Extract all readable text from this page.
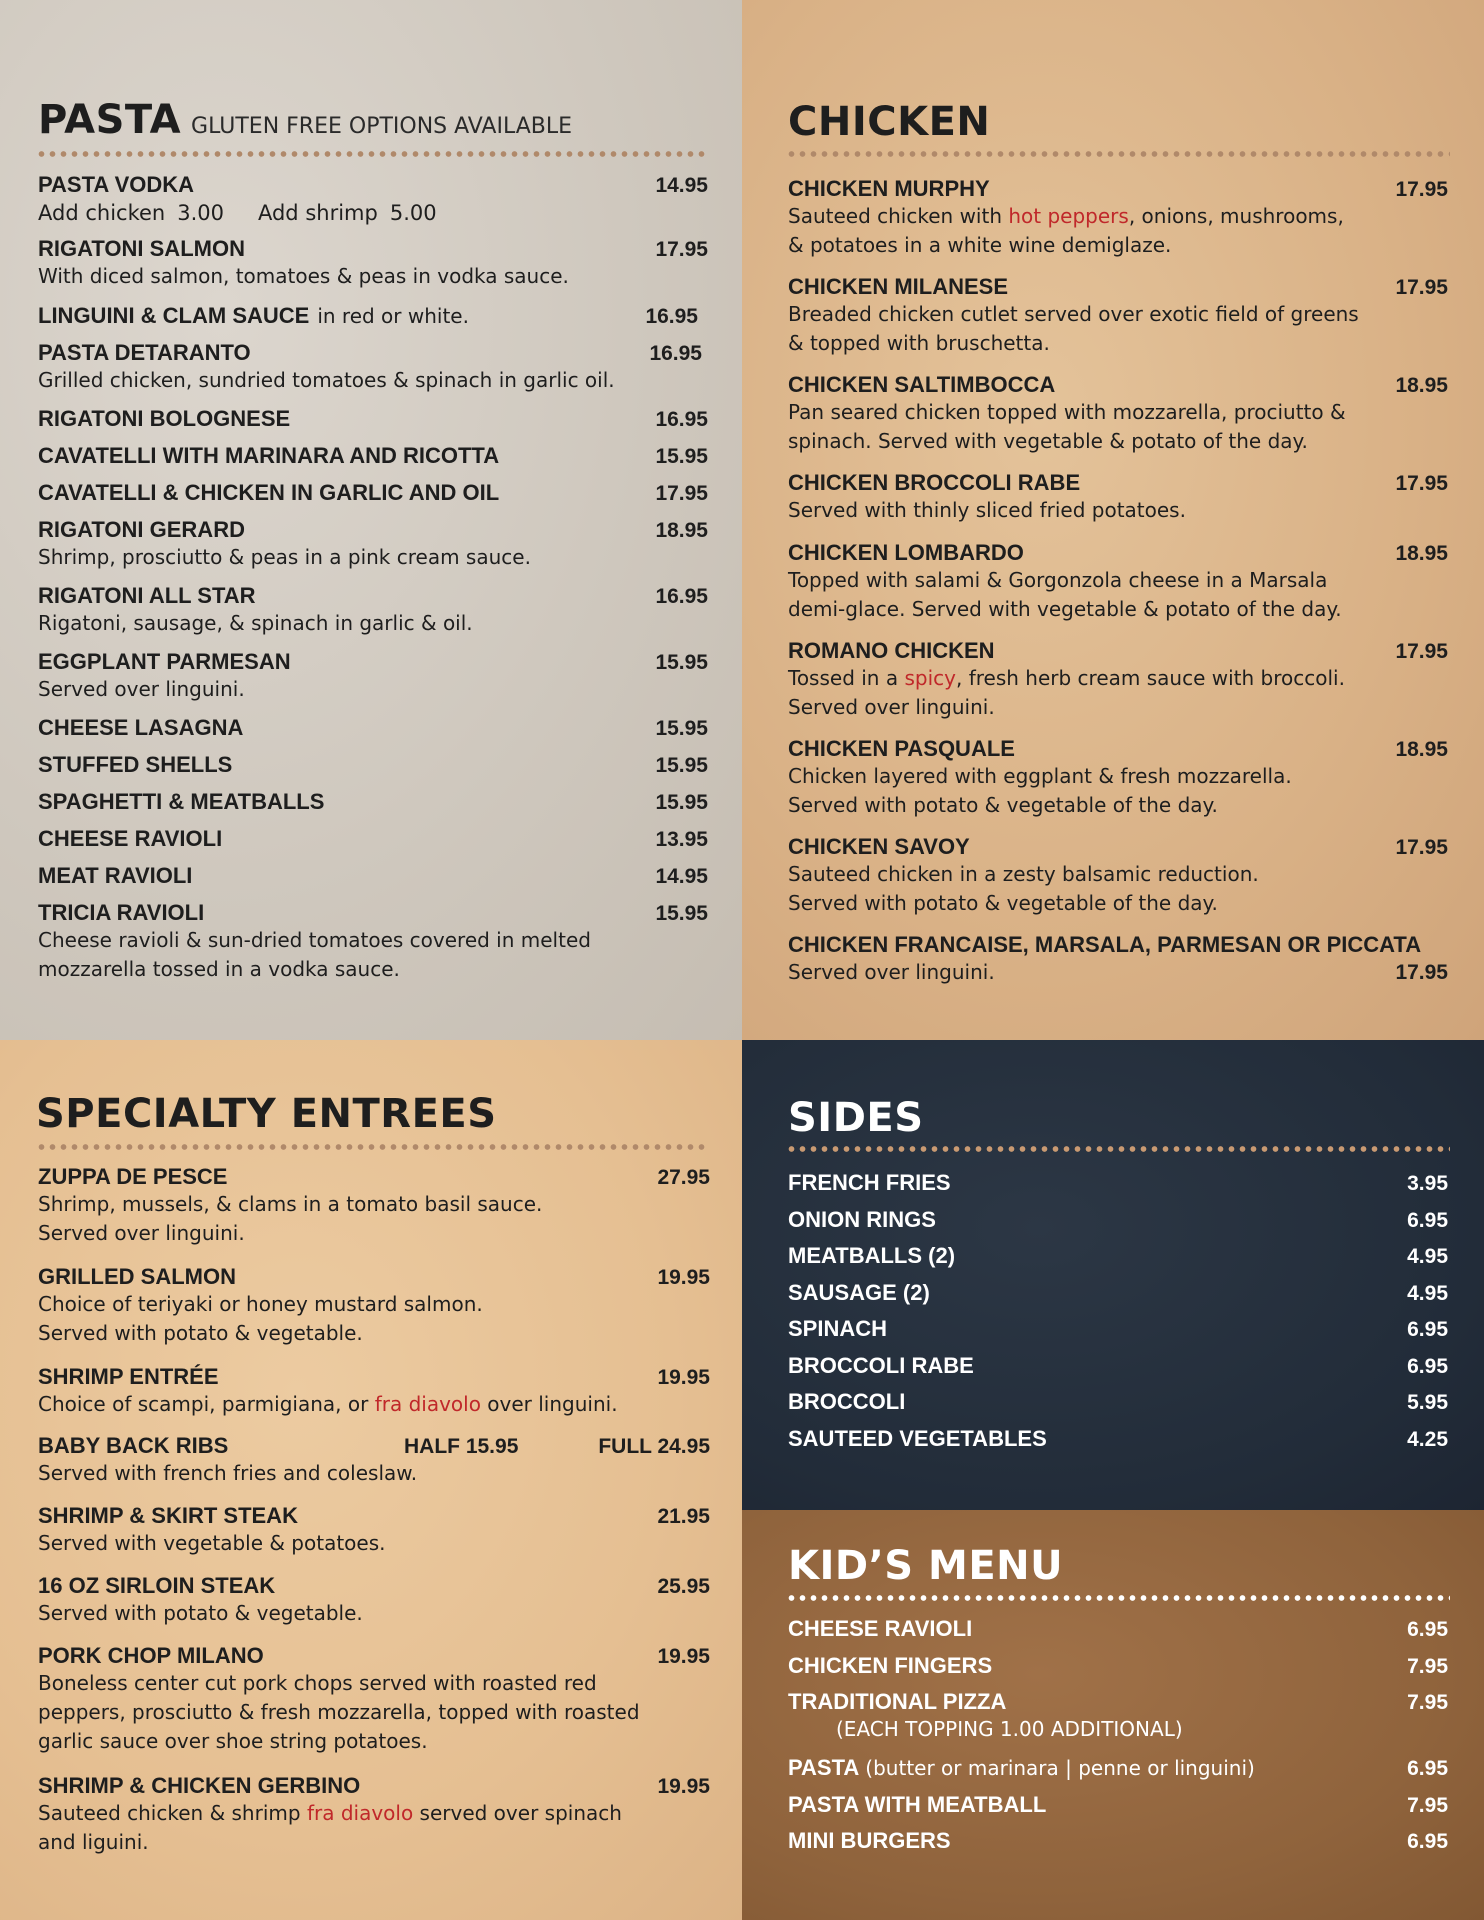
PASTA GLUTEN FREE OPTIONS AVAILABLE
PASTA VODKA	14.95
Add chicken 3.00 Add shrimp 5.00
RIGATONI SALMON	17.95
With diced salmon, tomatoes & peas in vodka sauce.
LINGUINI & CLAM SAUCE in red or white.	16.95
PASTA DETARANTO	16.95
Grilled chicken, sundried tomatoes & spinach in garlic oil.
RIGATONI BOLOGNESE	16.95
CAVATELLI WITH MARINARA AND RICOTTA	15.95
CAVATELLI & CHICKEN IN GARLIC AND OIL	17.95
RIGATONI GERARD	18.95
Shrimp, prosciutto & peas in a pink cream sauce.
RIGATONI ALL STAR	16.95
Rigatoni, sausage, & spinach in garlic & oil.
EGGPLANT PARMESAN	15.95
Served over linguini.
CHEESE LASAGNA	15.95
STUFFED SHELLS	15.95
SPAGHETTI & MEATBALLS	15.95
CHEESE RAVIOLI	13.95
MEAT RAVIOLI	14.95
TRICIA RAVIOLI	15.95
Cheese ravioli & sun-dried tomatoes covered in melted
mozzarella tossed in a vodka sauce.
CHICKEN
CHICKEN MURPHY	17.95
Sauteed chicken with hot peppers, onions, mushrooms,
& potatoes in a white wine demiglaze.
CHICKEN MILANESE	17.95
Breaded chicken cutlet served over exotic field of greens
& topped with bruschetta.
CHICKEN SALTIMBOCCA	18.95
Pan seared chicken topped with mozzarella, prociutto &
spinach. Served with vegetable & potato of the day.
CHICKEN BROCCOLI RABE	17.95
Served with thinly sliced fried potatoes.
CHICKEN LOMBARDO	18.95
Topped with salami & Gorgonzola cheese in a Marsala
demi-glace. Served with vegetable & potato of the day.
ROMANO CHICKEN	17.95
Tossed in a spicy, fresh herb cream sauce with broccoli.
Served over linguini.
CHICKEN PASQUALE	18.95
Chicken layered with eggplant & fresh mozzarella.
Served with potato & vegetable of the day.
CHICKEN SAVOY	17.95
Sauteed chicken in a zesty balsamic reduction.
Served with potato & vegetable of the day.
CHICKEN FRANCAISE, MARSALA, PARMESAN OR PICCATA
Served over linguini.	17.95
SPECIALTY ENTREES
ZUPPA DE PESCE	27.95
Shrimp, mussels, & clams in a tomato basil sauce.
Served over linguini.
GRILLED SALMON	19.95
Choice of teriyaki or honey mustard salmon.
Served with potato & vegetable.
SHRIMP ENTRÉE	19.95
Choice of scampi, parmigiana, or fra diavolo over linguini.
BABY BACK RIBS	HALF 15.95	FULL 24.95
Served with french fries and coleslaw.
SHRIMP & SKIRT STEAK	21.95
Served with vegetable & potatoes.
16 OZ SIRLOIN STEAK	25.95
Served with potato & vegetable.
PORK CHOP MILANO	19.95
Boneless center cut pork chops served with roasted red
peppers, prosciutto & fresh mozzarella, topped with roasted
garlic sauce over shoe string potatoes.
SHRIMP & CHICKEN GERBINO	19.95
Sauteed chicken & shrimp fra diavolo served over spinach
and liguini.
SIDES
FRENCH FRIES	3.95
ONION RINGS	6.95
MEATBALLS (2)	4.95
SAUSAGE (2)	4.95
SPINACH	6.95
BROCCOLI RABE	6.95
BROCCOLI	5.95
SAUTEED VEGETABLES	4.25
KID’S MENU
CHEESE RAVIOLI	6.95
CHICKEN FINGERS	7.95
TRADITIONAL PIZZA	7.95
(EACH TOPPING 1.00 ADDITIONAL)
PASTA (butter or marinara | penne or linguini)	6.95
PASTA WITH MEATBALL	7.95
MINI BURGERS	6.95
